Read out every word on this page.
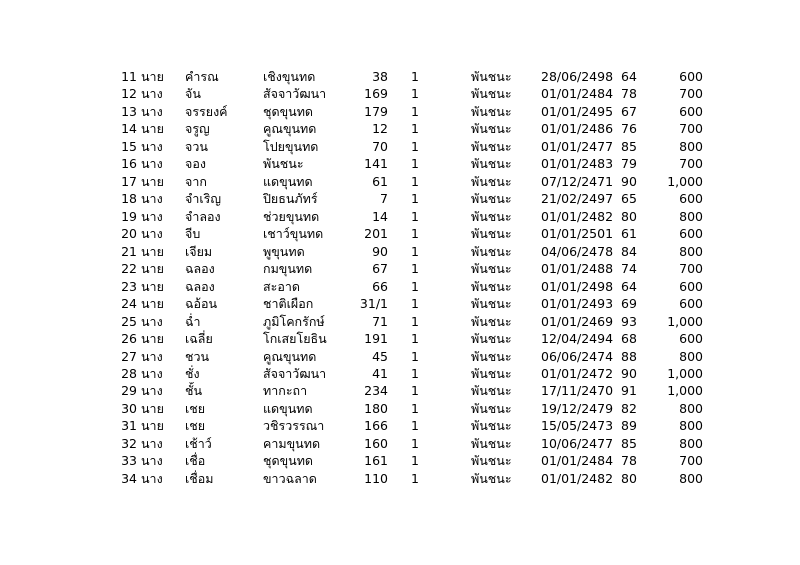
11	นาย	คำรณ	เชิงขุนทด	38	1	พันชนะ	28/06/2498	64	600
12	นาง	จัน	สัจจาวัฒนา	169	1	พันชนะ	01/01/2484	78	700
13	นาง	จรรยงค์	ชุดขุนทด	179	1	พันชนะ	01/01/2495	67	600
14	นาย	จรูญ	คูณขุนทด	12	1	พันชนะ	01/01/2486	76	700
15	นาง	จวน	โปยขุนทด	70	1	พันชนะ	01/01/2477	85	800
16	นาง	จอง	พันชนะ	141	1	พันชนะ	01/01/2483	79	700
17	นาย	จาก	แดขุนทด	61	1	พันชนะ	07/12/2471	90	1,000
18	นาง	จำเริญ	ปิยธนภัทร์	7	1	พันชนะ	21/02/2497	65	600
19	นาง	จำลอง	ช่วยขุนทด	14	1	พันชนะ	01/01/2482	80	800
20	นาง	จีบ	เชาว์ขุนทด	201	1	พันชนะ	01/01/2501	61	600
21	นาย	เจียม	พูขุนทด	90	1	พันชนะ	04/06/2478	84	800
22	นาย	ฉลอง	กมขุนทด	67	1	พันชนะ	01/01/2488	74	700
23	นาย	ฉลอง	สะอาด	66	1	พันชนะ	01/01/2498	64	600
24	นาย	ฉอ้อน	ชาติเผือก	31/1	1	พันชนะ	01/01/2493	69	600
25	นาง	ฉ่ำ	ภูมิโคกรักษ์	71	1	พันชนะ	01/01/2469	93	1,000
26	นาย	เฉลี่ย	โกเสยโยธิน	191	1	พันชนะ	12/04/2494	68	600
27	นาง	ชวน	คูณขุนทด	45	1	พันชนะ	06/06/2474	88	800
28	นาง	ชั่ง	สัจจาวัฒนา	41	1	พันชนะ	01/01/2472	90	1,000
29	นาง	ชั้น	ทากะถา	234	1	พันชนะ	17/11/2470	91	1,000
30	นาย	เชย	แดขุนทด	180	1	พันชนะ	19/12/2479	82	800
31	นาย	เชย	วชิรวรรณา	166	1	พันชนะ	15/05/2473	89	800
32	นาง	เช้าว์	คามขุนทด	160	1	พันชนะ	10/06/2477	85	800
33	นาง	เชื่อ	ชุดขุนทด	161	1	พันชนะ	01/01/2484	78	700
34	นาง	เชื่อม	ขาวฉลาด	110	1	พันชนะ	01/01/2482	80	800
